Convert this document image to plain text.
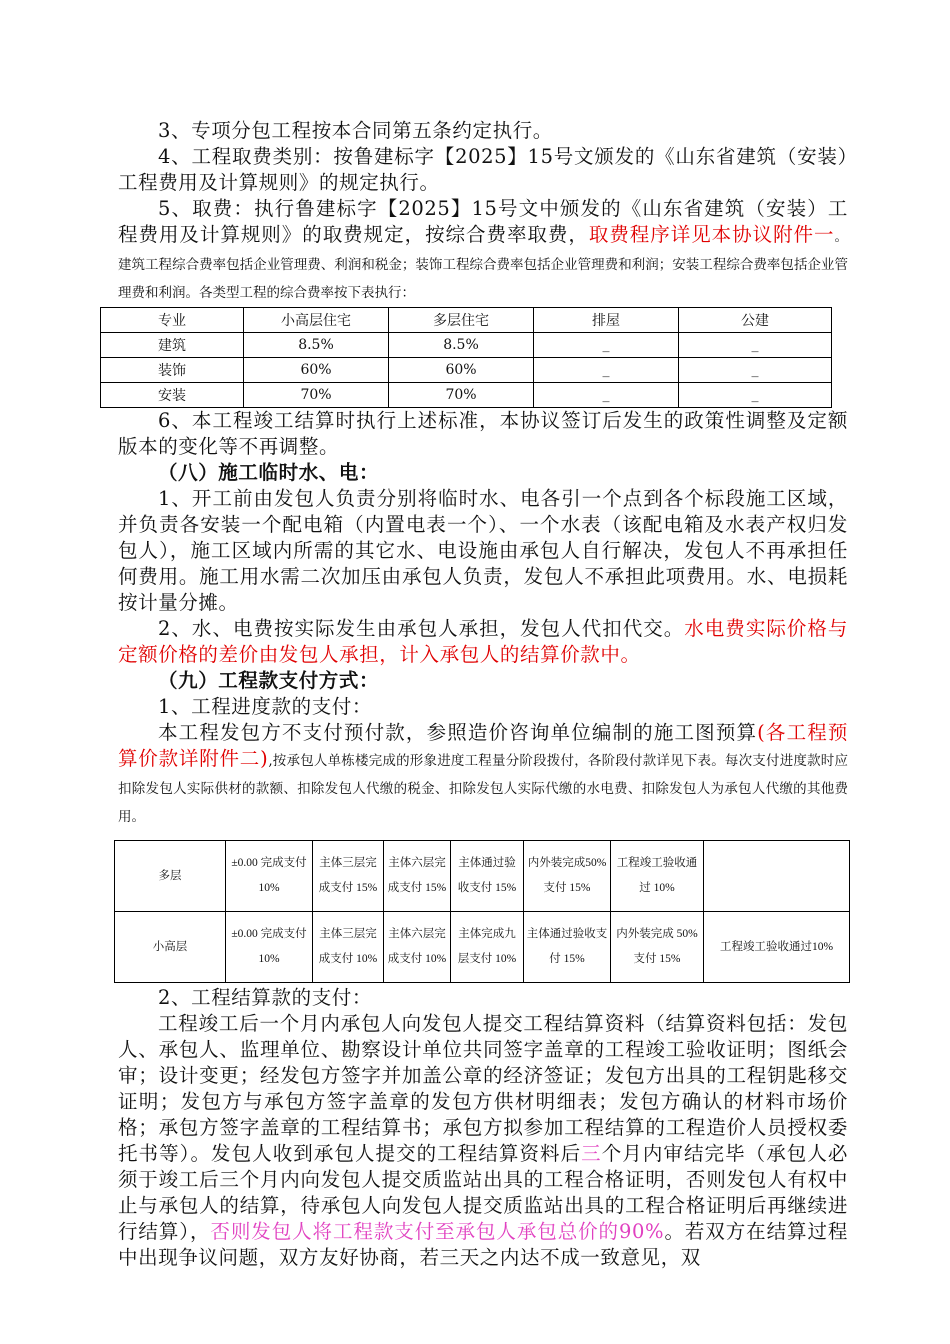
3、专项分包工程按本合同第五条约定执行。

4、工程取费类别：按鲁建标字【2025】15号文颁发的《山东省建筑（安装）工程费用及计算规则》的规定执行。

5、取费：执行鲁建标字【2025】15号文中颁发的《山东省建筑（安装）工程费用及计算规则》的取费规定，按综合费率取费，取费程序详见本协议附件一。建筑工程综合费率包括企业管理费、利润和税金；装饰工程综合费率包括企业管理费和利润；安装工程综合费率包括企业管理费和利润。各类型工程的综合费率按下表执行：

专业	小高层住宅	多层住宅	排屋	公建
建筑	8.5%	8.5%	_	_
装饰	60%	60%	_	_
安装	70%	70%	_	_

6、本工程竣工结算时执行上述标准，本协议签订后发生的政策性调整及定额版本的变化等不再调整。

（八）施工临时水、电：

1、开工前由发包人负责分别将临时水、电各引一个点到各个标段施工区域，并负责各安装一个配电箱（内置电表一个）、一个水表（该配电箱及水表产权归发包人），施工区域内所需的其它水、电设施由承包人自行解决，发包人不再承担任何费用。施工用水需二次加压由承包人负责，发包人不承担此项费用。水、电损耗按计量分摊。

2、水、电费按实际发生由承包人承担，发包人代扣代交。水电费实际价格与定额价格的差价由发包人承担，计入承包人的结算价款中。

（九）工程款支付方式：

1、工程进度款的支付：

本工程发包方不支付预付款，参照造价咨询单位编制的施工图预算(各工程预算价款详附件二),按承包人单栋楼完成的形象进度工程量分阶段拨付，各阶段付款详见下表。每次支付进度款时应扣除发包人实际供材的款额、扣除发包人代缴的税金、扣除发包人实际代缴的水电费、扣除发包人为承包人代缴的其他费用。

多层	±0.00 完成支付10%	主体三层完成支付 15%	主体六层完成支付 15%	主体通过验收支付 15%	内外装完成50%支付 15%	工程竣工验收通过 10%	
小高层	±0.00 完成支付10%	主体三层完成支付 10%	主体六层完成支付 10%	主体完成九层支付 10%	主体通过验收支付 15%	内外装完成 50%支付 15%	工程竣工验收通过10%

2、工程结算款的支付：

工程竣工后一个月内承包人向发包人提交工程结算资料（结算资料包括：发包人、承包人、监理单位、勘察设计单位共同签字盖章的工程竣工验收证明；图纸会审；设计变更；经发包方签字并加盖公章的经济签证；发包方出具的工程钥匙移交证明；发包方与承包方签字盖章的发包方供材明细表；发包方确认的材料市场价格；承包方签字盖章的工程结算书；承包方拟参加工程结算的工程造价人员授权委托书等）。发包人收到承包人提交的工程结算资料后三个月内审结完毕（承包人必须于竣工后三个月内向发包人提交质监站出具的工程合格证明，否则发包人有权中止与承包人的结算，待承包人向发包人提交质监站出具的工程合格证明后再继续进行结算），否则发包人将工程款支付至承包人承包总价的90%。若双方在结算过程中出现争议问题，双方友好协商，若三天之内达不成一致意见，双
